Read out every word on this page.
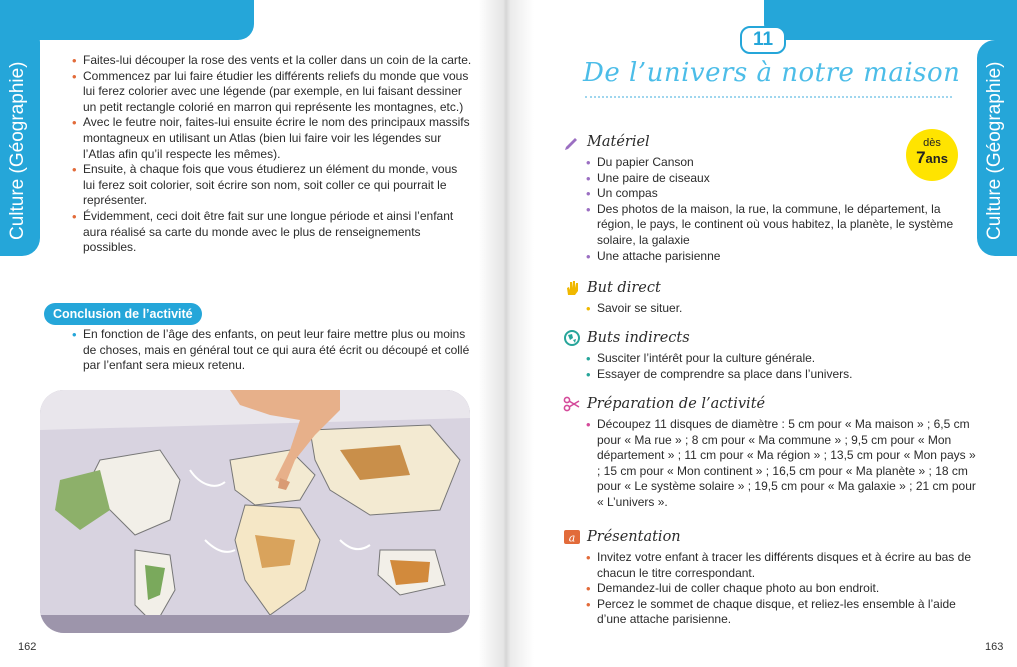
Culture (Géographie)
• Faites-lui découper la rose des vents et la coller dans un coin de la carte.
• Commencez par lui faire étudier les différents reliefs du monde que vous lui ferez colorier avec une légende (par exemple, en lui faisant dessiner un petit rectangle colorié en marron qui représente les montagnes, etc.)
• Avec le feutre noir, faites-lui ensuite écrire le nom des principaux massifs montagneux en utilisant un Atlas (bien lui faire voir les légendes sur l’Atlas afin qu’il respecte les mêmes).
• Ensuite, à chaque fois que vous étudierez un élément du monde, vous lui ferez soit colorier, soit écrire son nom, soit coller ce qui pourrait le représenter.
• Évidemment, ceci doit être fait sur une longue période et ainsi l’enfant aura réalisé sa carte du monde avec le plus de renseignements possibles.
Conclusion de l’activité
• En fonction de l’âge des enfants, on peut leur faire mettre plus ou moins de choses, mais en général tout ce qui aura été écrit ou découpé et collé par l’enfant sera mieux retenu.
162
Culture (Géographie)
11
De l’univers à notre maison
dès
7ans
Matériel
• Du papier Canson
• Une paire de ciseaux
• Un compas
• Des photos de la maison, la rue, la commune, le département, la région, le pays, le continent où vous habitez, la planète, le système solaire, la galaxie
• Une attache parisienne
But direct
• Savoir se situer.
Buts indirects
• Susciter l’intérêt pour la culture générale.
• Essayer de comprendre sa place dans l’univers.
Préparation de l’activité
• Découpez 11 disques de diamètre : 5 cm pour « Ma maison » ; 6,5 cm pour « Ma rue » ; 8 cm pour « Ma commune » ; 9,5 cm pour « Mon département » ; 11 cm pour « Ma région » ; 13,5 cm pour « Mon pays » ; 15 cm pour « Mon continent » ; 16,5 cm pour « Ma planète » ; 18 cm pour « Le système solaire » ; 19,5 cm pour « Ma galaxie » ; 21 cm pour « L’univers ».
a Présentation
• Invitez votre enfant à tracer les différents disques et à écrire au bas de chacun le titre correspondant.
• Demandez-lui de coller chaque photo au bon endroit.
• Percez le sommet de chaque disque, et reliez-les ensemble à l’aide d’une attache parisienne.
163
